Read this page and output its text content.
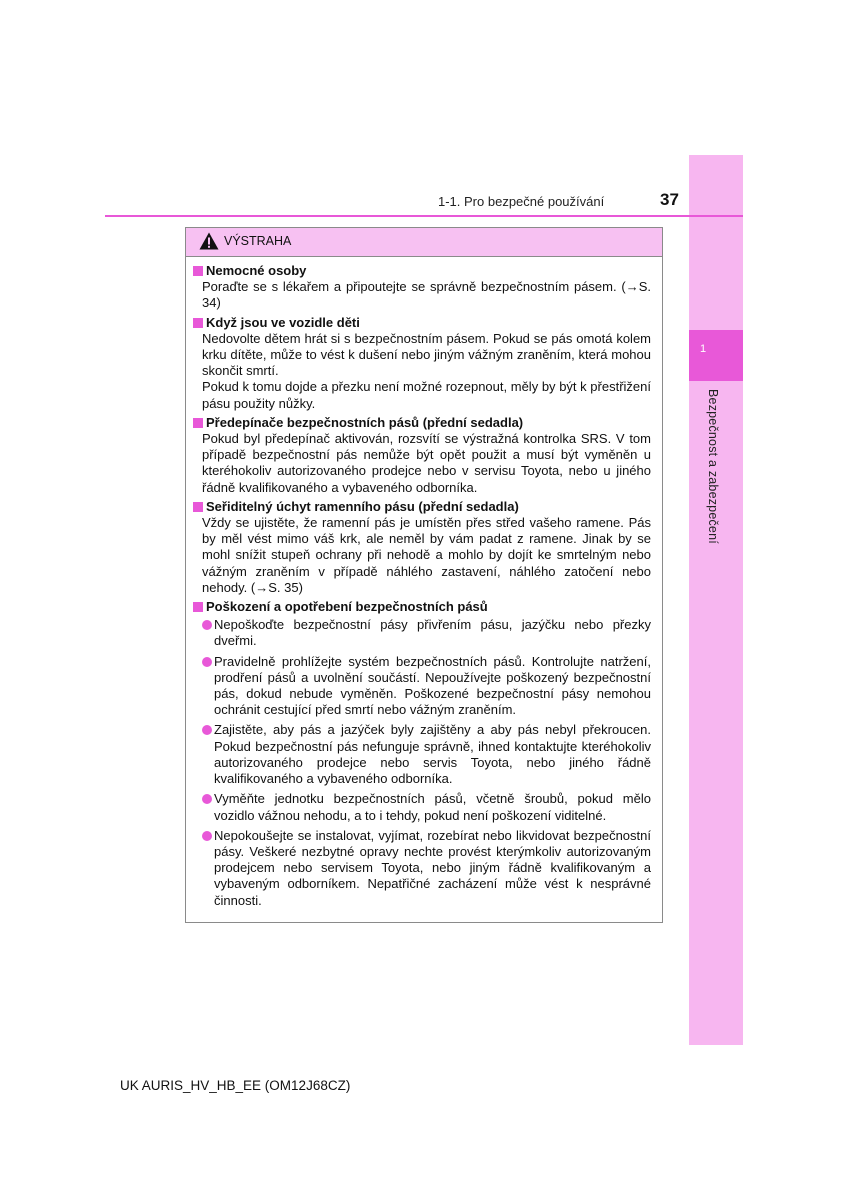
1
Bezpečnost a zabezpečení
1-1. Pro bezpečné používání	37
VÝSTRAHA
Nemocné osoby
Poraďte se s lékařem a připoutejte se správně bezpečnostním pásem. (→S. 34)
Když jsou ve vozidle děti
Nedovolte dětem hrát si s bezpečnostním pásem. Pokud se pás omotá kolem krku dítěte, může to vést k dušení nebo jiným vážným zraněním, která mohou skončit smrtí.
Pokud k tomu dojde a přezku není možné rozepnout, měly by být k přestřižení pásu použity nůžky.
Předepínače bezpečnostních pásů (přední sedadla)
Pokud byl předepínač aktivován, rozsvítí se výstražná kontrolka SRS. V tom případě bezpečnostní pás nemůže být opět použit a musí být vyměněn u kteréhokoliv autorizovaného prodejce nebo v servisu Toyota, nebo u jiného řádně kvalifikovaného a vybaveného odborníka.
Seřiditelný úchyt ramenního pásu (přední sedadla)
Vždy se ujistěte, že ramenní pás je umístěn přes střed vašeho ramene. Pás by měl vést mimo váš krk, ale neměl by vám padat z ramene. Jinak by se mohl snížit stupeň ochrany při nehodě a mohlo by dojít ke smrtelným nebo vážným zraněním v případě náhlého zastavení, náhlého zatočení nebo nehody. (→S. 35)
Poškození a opotřebení bezpečnostních pásů
Nepoškoďte bezpečnostní pásy přivřením pásu, jazýčku nebo přezky dveřmi.
Pravidelně prohlížejte systém bezpečnostních pásů. Kontrolujte natržení, prodření pásů a uvolnění součástí. Nepoužívejte poškozený bezpečnostní pás, dokud nebude vyměněn. Poškozené bezpečnostní pásy nemohou ochránit cestující před smrtí nebo vážným zraněním.
Zajistěte, aby pás a jazýček byly zajištěny a aby pás nebyl překroucen. Pokud bezpečnostní pás nefunguje správně, ihned kontaktujte kteréhokoliv autorizovaného prodejce nebo servis Toyota, nebo jiného řádně kvalifikovaného a vybaveného odborníka.
Vyměňte jednotku bezpečnostních pásů, včetně šroubů, pokud mělo vozidlo vážnou nehodu, a to i tehdy, pokud není poškození viditelné.
Nepokoušejte se instalovat, vyjímat, rozebírat nebo likvidovat bezpečnostní pásy. Veškeré nezbytné opravy nechte provést kterýmkoliv autorizovaným prodejcem nebo servisem Toyota, nebo jiným řádně kvalifikovaným a vybaveným odborníkem. Nepatřičné zacházení může vést k nesprávné činnosti.
UK AURIS_HV_HB_EE (OM12J68CZ)
